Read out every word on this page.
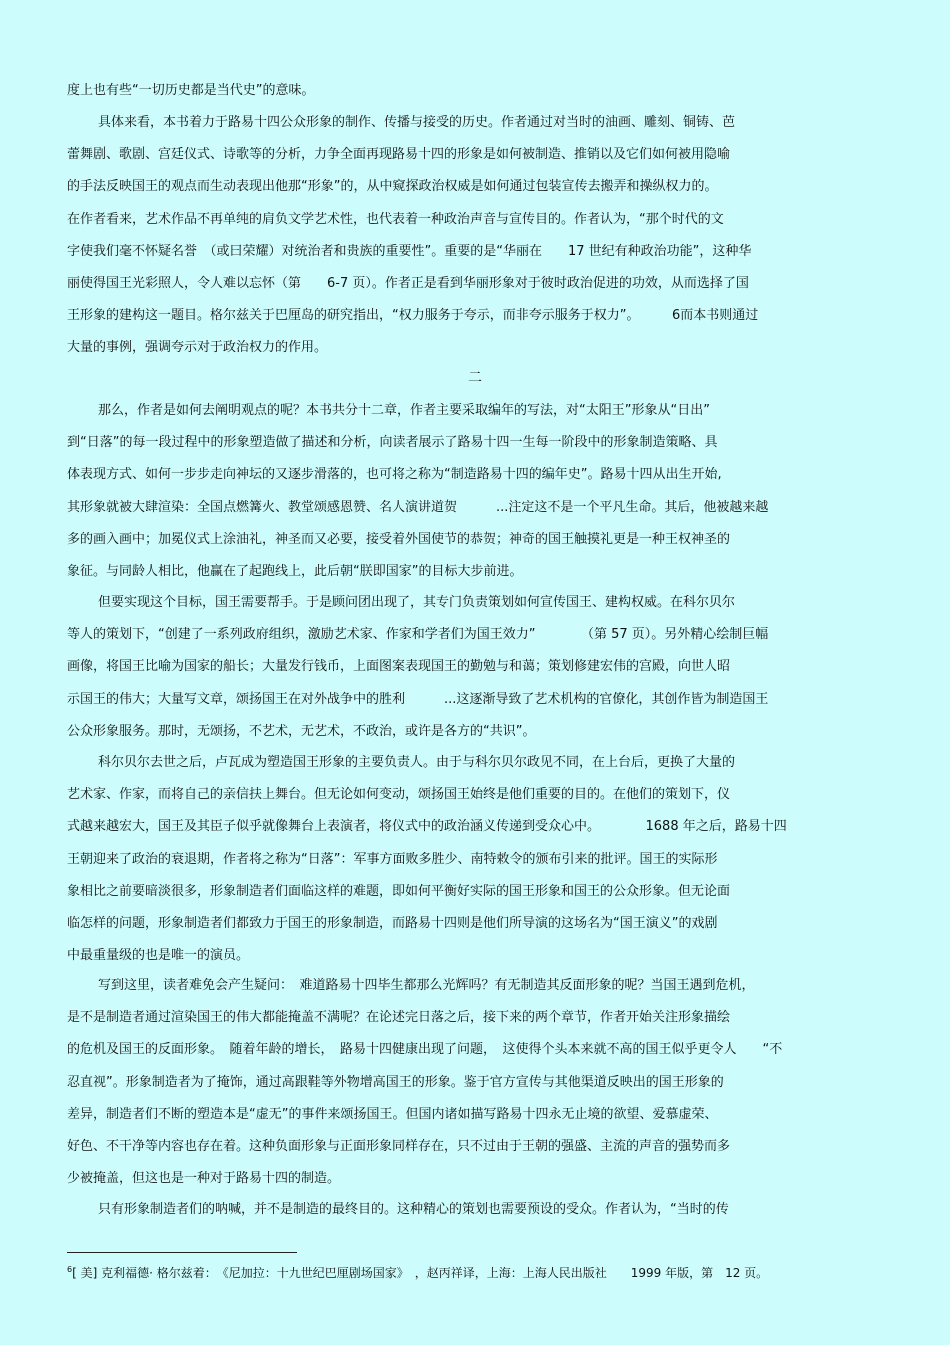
度上也有些“一切历史都是当代史”的意味。
具体来看，本书着力于路易十四公众形象的制作、传播与接受的历史。作者通过对当时的油画、雕刻、铜铸、芭
蕾舞剧、歌剧、宫廷仪式、诗歌等的分析，力争全面再现路易十四的形象是如何被制造、推销以及它们如何被用隐喻
的手法反映国王的观点而生动表现出他那“形象”的，从中窥探政治权威是如何通过包装宣传去搬弄和操纵权力的。
在作者看来，艺术作品不再单纯的肩负文学艺术性，也代表着一种政治声音与宣传目的。作者认为，“那个时代的文
字使我们毫不怀疑名誉　（或曰荣耀）对统治者和贵族的重要性”。重要的是“华丽在　　17 世纪有种政治功能”，这种华
丽使得国王光彩照人，令人难以忘怀（第　　6-7 页）。作者正是看到华丽形象对于彼时政治促进的功效，从而选择了国
王形象的建构这一题目。格尔兹关于巴厘岛的研究指出，“权力服务于夸示，而非夸示服务于权力”。　　　6而本书则通过
大量的事例，强调夸示对于政治权力的作用。
那么，作者是如何去阐明观点的呢？本书共分十二章，作者主要采取编年的写法，对“太阳王”形象从“日出”
到“日落”的每一段过程中的形象塑造做了描述和分析，向读者展示了路易十四一生每一阶段中的形象制造策略、具
体表现方式、如何一步步走向神坛的又逐步滑落的，也可将之称为“制造路易十四的编年史”。路易十四从出生开始,
其形象就被大肆渲染：全国点燃篝火、教堂颂感恩赞、名人演讲道贺　　　...注定这不是一个平凡生命。其后，他被越来越
多的画入画中；加冕仪式上涂油礼，神圣而又必要，接受着外国使节的恭贺；神奇的国王触摸礼更是一种王权神圣的
象征。与同龄人相比，他赢在了起跑线上，此后朝“朕即国家”的目标大步前进。
但要实现这个目标，国王需要帮手。于是顾问团出现了，其专门负责策划如何宣传国王、建构权威。在科尔贝尔
等人的策划下，“创建了一系列政府组织，激励艺术家、作家和学者们为国王效力”　　　　（第 57 页）。另外精心绘制巨幅
画像，将国王比喻为国家的船长；大量发行钱币，上面图案表现国王的勤勉与和蔼；策划修建宏伟的宫殿，向世人昭
示国王的伟大；大量写文章，颂扬国王在对外战争中的胜利　　　...这逐渐导致了艺术机构的官僚化，其创作皆为制造国王
公众形象服务。那时，无颂扬，不艺术，无艺术，不政治，或许是各方的“共识”。
科尔贝尔去世之后，卢瓦成为塑造国王形象的主要负责人。由于与科尔贝尔政见不同，在上台后，更换了大量的
艺术家、作家，而将自己的亲信扶上舞台。但无论如何变动，颂扬国王始终是他们重要的目的。在他们的策划下，仪
式越来越宏大，国王及其臣子似乎就像舞台上表演者，将仪式中的政治涵义传递到受众心中。　　　　1688 年之后，路易十四
王朝迎来了政治的衰退期，作者将之称为“日落”：军事方面败多胜少、南特敕令的颁布引来的批评。国王的实际形
象相比之前要暗淡很多，形象制造者们面临这样的难题，即如何平衡好实际的国王形象和国王的公众形象。但无论面
临怎样的问题，形象制造者们都致力于国王的形象制造，而路易十四则是他们所导演的这场名为“国王演义”的戏剧
中最重量级的也是唯一的演员。
写到这里，读者难免会产生疑问：　难道路易十四毕生都那么光辉吗？有无制造其反面形象的呢？当国王遇到危机，
是不是制造者通过渲染国王的伟大都能掩盖不满呢？在论述完日落之后，接下来的两个章节，作者开始关注形象描绘
的危机及国王的反面形象。　随着年龄的增长，　路易十四健康出现了问题，　这使得个头本来就不高的国王似乎更令人　　“不
忍直视”。形象制造者为了掩饰，通过高跟鞋等外物增高国王的形象。鉴于官方宣传与其他渠道反映出的国王形象的
差异，制造者们不断的塑造本是“虚无”的事件来颂扬国王。但国内诸如描写路易十四永无止境的欲望、爱慕虚荣、
好色、不干净等内容也存在着。这种负面形象与正面形象同样存在，只不过由于王朝的强盛、主流的声音的强势而多
少被掩盖，但这也是一种对于路易十四的制造。
只有形象制造者们的呐喊，并不是制造的最终目的。这种精心的策划也需要预设的受众。作者认为，“当时的传
二
$^6$[ 美] 克利福德· 格尔兹着：　《尼加拉：十九世纪巴厘剧场国家》　，赵丙祥译，上海：上海人民出版社　　1999 年版，第　12 页。
